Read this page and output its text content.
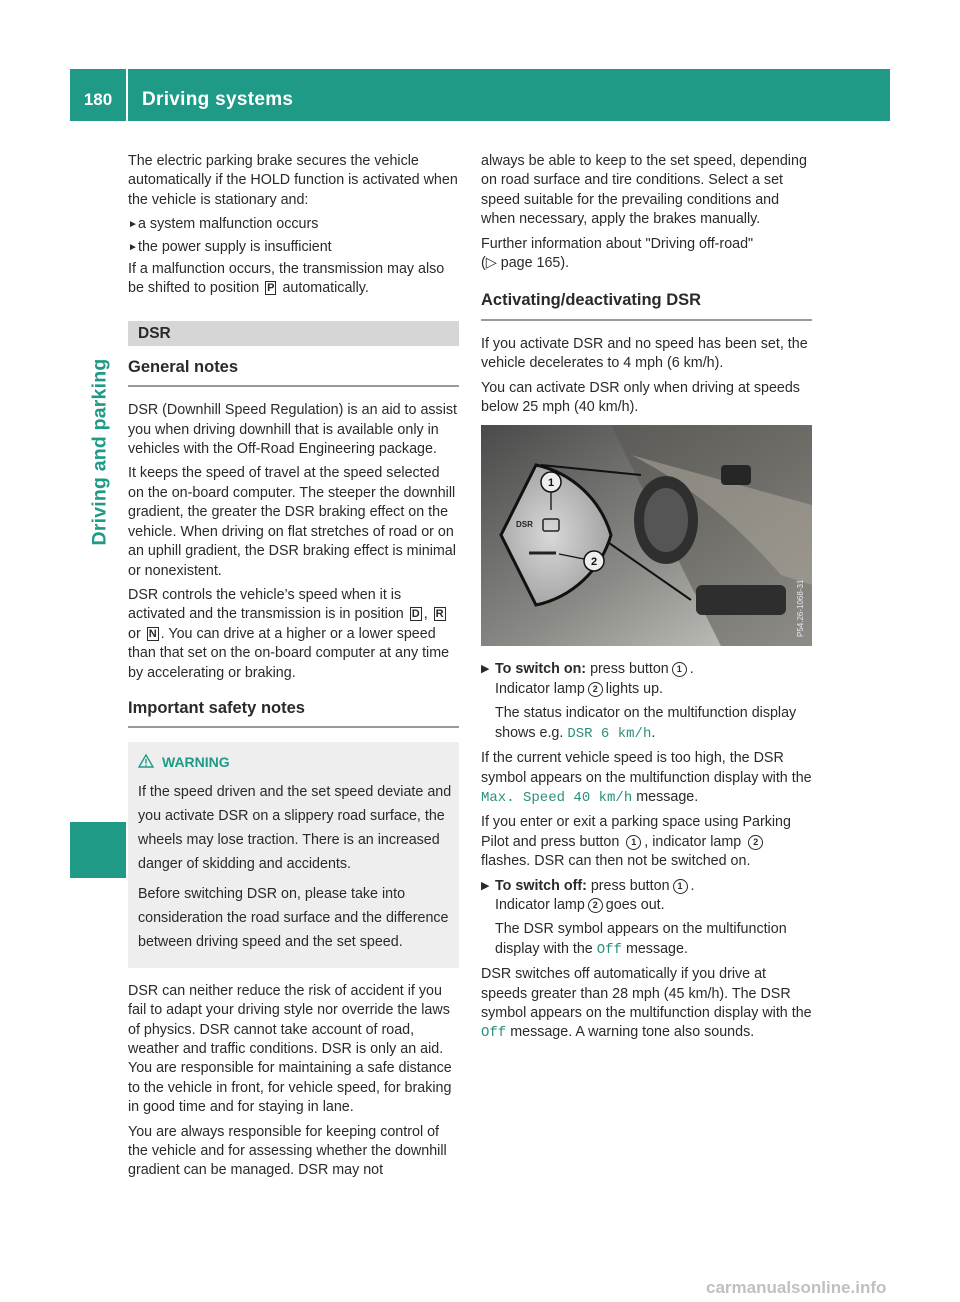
180	Driving systems
Driving and parking

The electric parking brake secures the vehicle automatically if the HOLD function is activated when the vehicle is stationary and:

► a system malfunction occurs
► the power supply is insufficient

If a malfunction occurs, the transmission may also be shifted to position P automatically.

DSR
General notes

DSR (Downhill Speed Regulation) is an aid to assist you when driving downhill that is available only in vehicles with the Off-Road Engineering package.

It keeps the speed of travel at the speed selected on the on-board computer. The steeper the downhill gradient, the greater the DSR braking effect on the vehicle. When driving on flat stretches of road or on an uphill gradient, the DSR braking effect is minimal or nonexistent.

DSR controls the vehicle’s speed when it is activated and the transmission is in position D , R or N . You can drive at a higher or a lower speed than that set on the on-board computer at any time by accelerating or braking.

Important safety notes
WARNING

If the speed driven and the set speed deviate and you activate DSR on a slippery road surface, the wheels may lose traction. There is an increased danger of skidding and accidents.

Before switching DSR on, please take into consideration the road surface and the difference between driving speed and the set speed.

DSR can neither reduce the risk of accident if you fail to adapt your driving style nor override the laws of physics. DSR cannot take account of road, weather and traffic conditions. DSR is only an aid. You are responsible for maintaining a safe distance to the vehicle in front, for vehicle speed, for braking in good time and for staying in lane.

You are always responsible for keeping control of the vehicle and for assessing whether the downhill gradient can be managed. DSR may not

always be able to keep to the set speed, depending on road surface and tire conditions. Select a set speed suitable for the prevailing conditions and when necessary, apply the brakes manually.

Further information about "Driving off-road"
(▷ page 165).

Activating/deactivating DSR

If you activate DSR and no speed has been set, the vehicle decelerates to 4 mph (6 km/h).

You can activate DSR only when driving at speeds below 25 mph (40 km/h).

DSR
1
2
P54.26-1068-31
▶ To switch on: press button 1 .
Indicator lamp 2 lights up.

The status indicator on the multifunction display shows e.g. DSR 6 km/h.

If the current vehicle speed is too high, the DSR symbol appears on the multifunction display with the Max. Speed 40 km/h message.

If you enter or exit a parking space using Parking Pilot and press button 1 , indicator lamp 2
flashes. DSR can then not be switched on.

▶ To switch off: press button 1 .
Indicator lamp 2 goes out.

The DSR symbol appears on the multifunction display with the Off message.

DSR switches off automatically if you drive at speeds greater than 28 mph (45 km/h). The DSR symbol appears on the multifunction display with the Off message. A warning tone also sounds.

carmanualsonline.info
